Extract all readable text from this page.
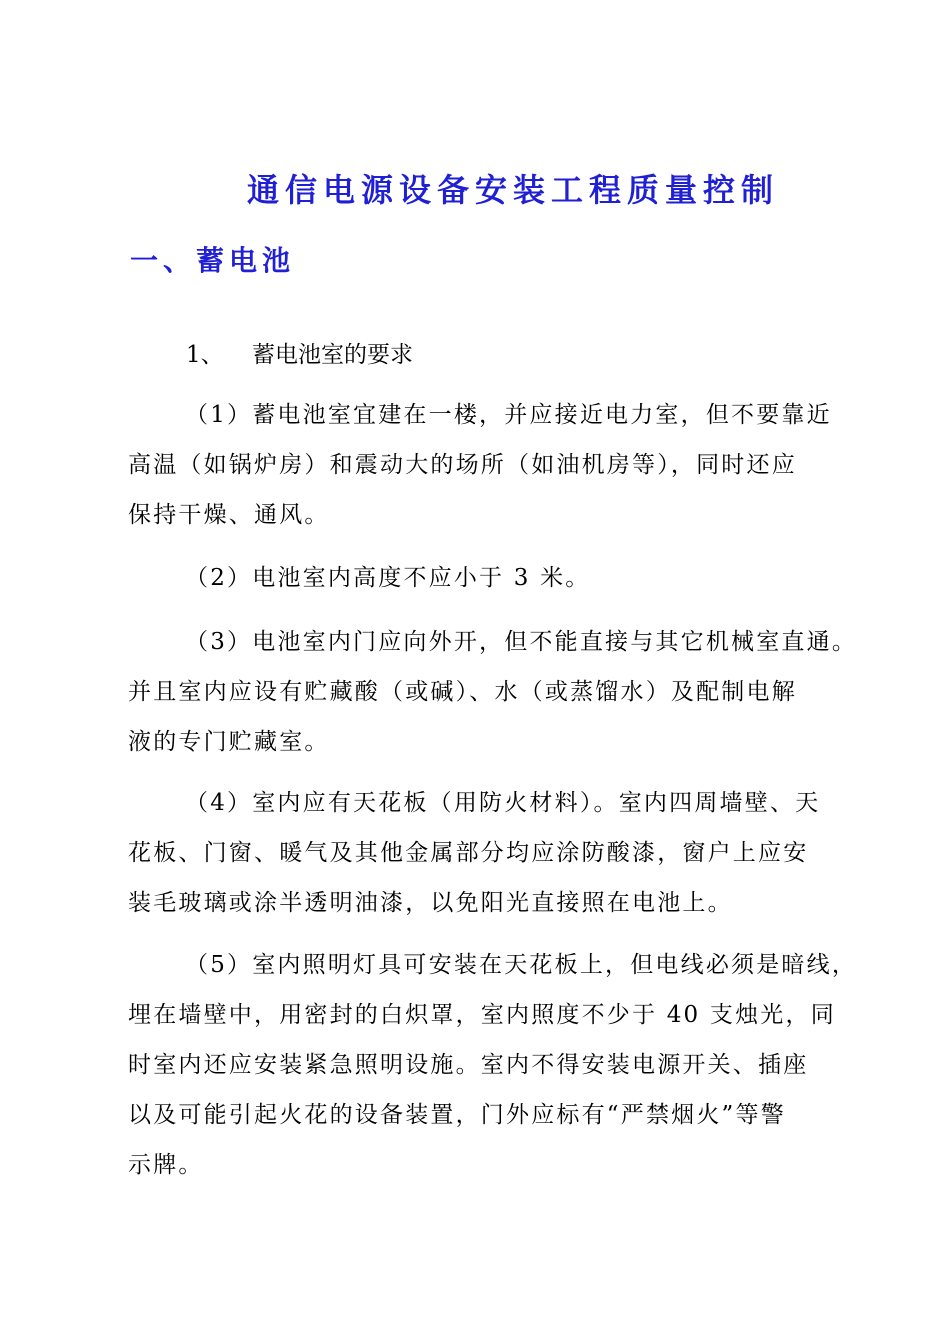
通信电源设备安装工程质量控制
一、蓄电池
1、 蓄电池室的要求

（1）蓄电池室宜建在一楼，并应接近电力室，但不要靠近
高温（如锅炉房）和震动大的场所（如油机房等），同时还应
保持干燥、通风。

（2）电池室内高度不应小于 3 米。

（3）电池室内门应向外开，但不能直接与其它机械室直通。
并且室内应设有贮藏酸（或碱）、水（或蒸馏水）及配制电解
液的专门贮藏室。

（4）室内应有天花板（用防火材料）。室内四周墙壁、天
花板、门窗、暖气及其他金属部分均应涂防酸漆，窗户上应安
装毛玻璃或涂半透明油漆，以免阳光直接照在电池上。

（5）室内照明灯具可安装在天花板上，但电线必须是暗线，
埋在墙壁中，用密封的白炽罩，室内照度不少于 40 支烛光，同
时室内还应安装紧急照明设施。室内不得安装电源开关、插座
以及可能引起火花的设备装置，门外应标有“严禁烟火”等警
示牌。
